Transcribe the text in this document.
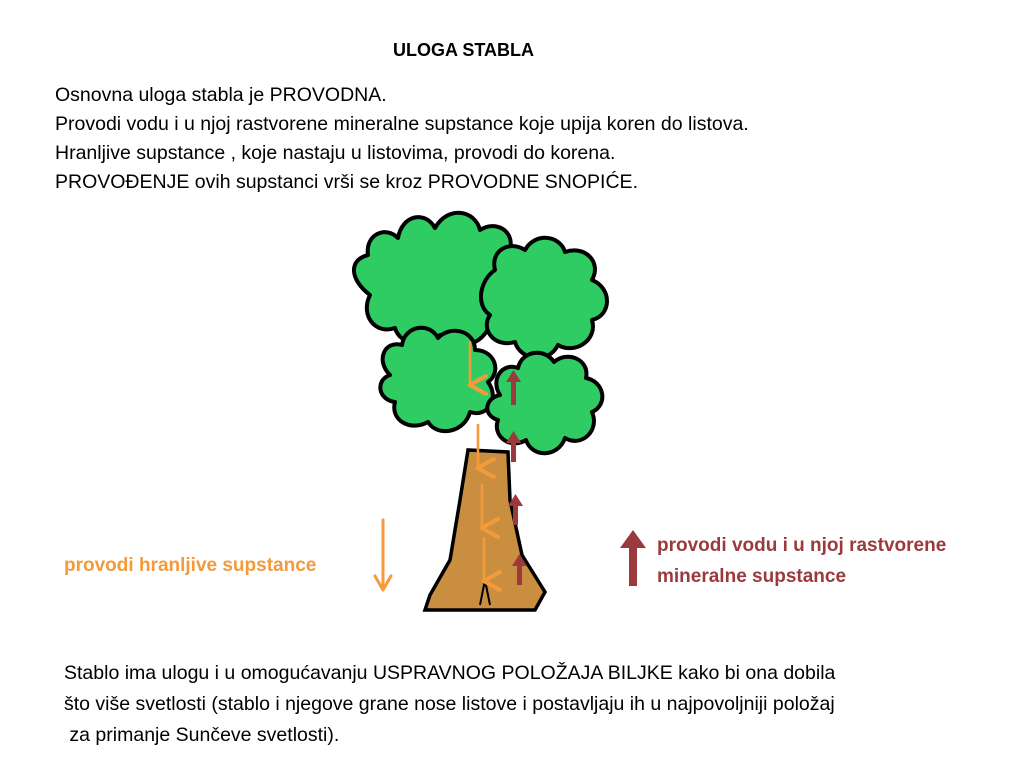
ULOGA STABLA
Osnovna uloga stabla je PROVODNA.
Provodi vodu i u njoj rastvorene mineralne supstance koje upija koren do listova.
Hranljive supstance , koje nastaju u listovima, provodi do korena.
PROVOĐENJE ovih supstanci vrši se kroz PROVODNE SNOPIĆE.
provodi hranljive supstance
provodi vodu i u njoj rastvorene
mineralne supstance
Stablo ima ulogu i u omogućavanju USPRAVNOG POLOŽAJA BILJKE kako bi ona dobila
što više svetlosti (stablo i njegove grane nose listove i postavljaju ih u najpovoljniji položaj
za primanje Sunčeve svetlosti).
